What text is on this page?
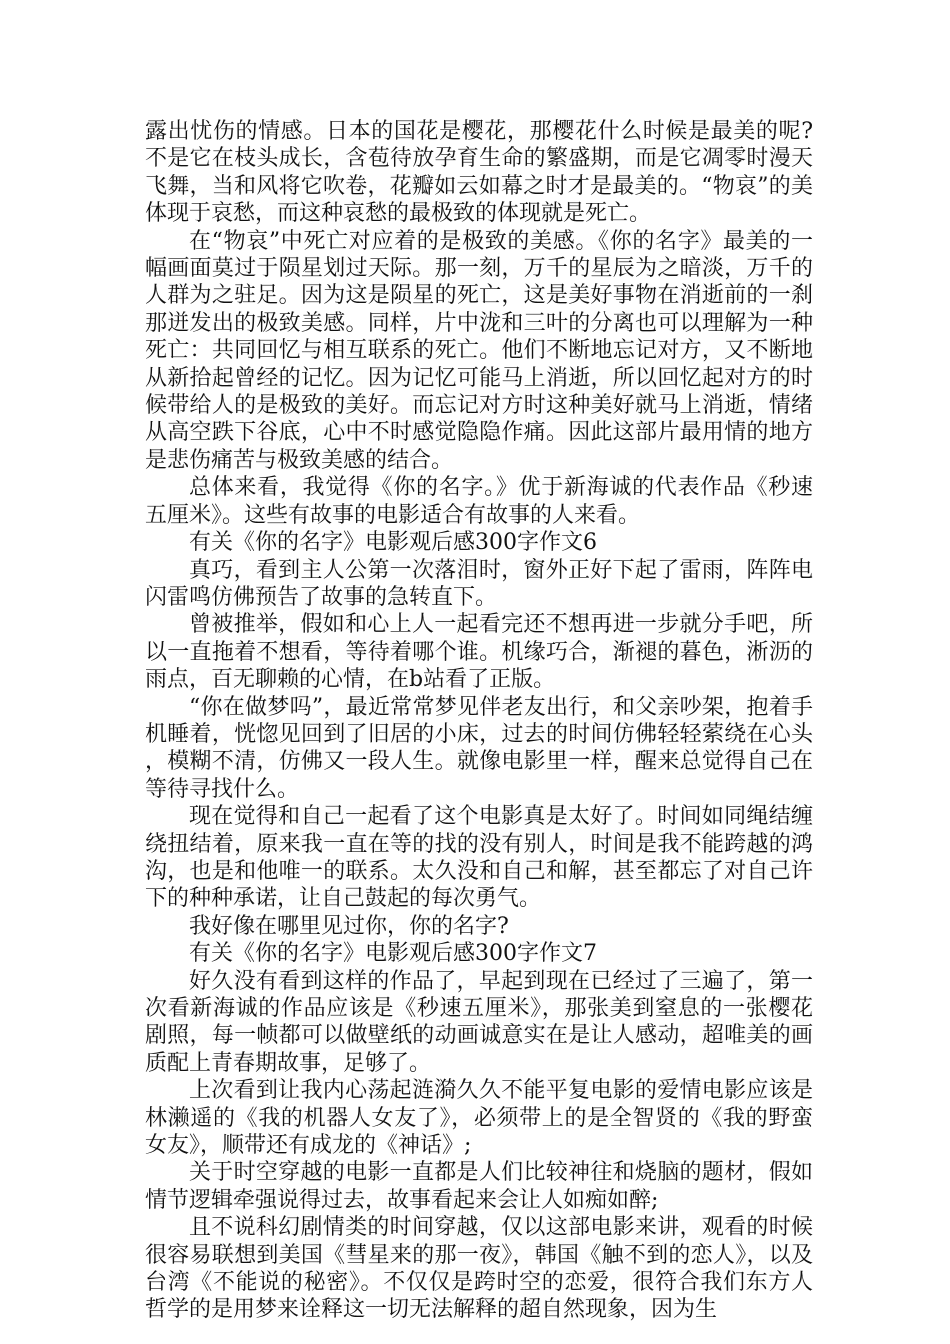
露出忧伤的情感。日本的国花是樱花，那樱花什么时候是最美的呢?不是它在枝头成长，含苞待放孕育生命的繁盛期，而是它凋零时漫天飞舞，当和风将它吹卷，花瓣如云如幕之时才是最美的。“物哀”的美体现于哀愁，而这种哀愁的最极致的体现就是死亡。

在“物哀”中死亡对应着的是极致的美感。《你的名字》最美的一幅画面莫过于陨星划过天际。那一刻，万千的星辰为之暗淡，万千的人群为之驻足。因为这是陨星的死亡，这是美好事物在消逝前的一刹那迸发出的极致美感。同样，片中泷和三叶的分离也可以理解为一种死亡：共同回忆与相互联系的死亡。他们不断地忘记对方，又不断地从新拾起曾经的记忆。因为记忆可能马上消逝，所以回忆起对方的时候带给人的是极致的美好。而忘记对方时这种美好就马上消逝，情绪从高空跌下谷底，心中不时感觉隐隐作痛。因此这部片最用情的地方是悲伤痛苦与极致美感的结合。

总体来看，我觉得《你的名字。》优于新海诚的代表作品《秒速五厘米》。这些有故事的电影适合有故事的人来看。

有关《你的名字》电影观后感300字作文6

真巧，看到主人公第一次落泪时，窗外正好下起了雷雨，阵阵电闪雷鸣仿佛预告了故事的急转直下。

曾被推举，假如和心上人一起看完还不想再进一步就分手吧，所以一直拖着不想看，等待着哪个谁。机缘巧合，渐褪的暮色，淅沥的雨点，百无聊赖的心情，在b站看了正版。

“你在做梦吗”，最近常常梦见伴老友出行，和父亲吵架，抱着手机睡着，恍惚见回到了旧居的小床，过去的时间仿佛轻轻萦绕在心头，模糊不清，仿佛又一段人生。就像电影里一样，醒来总觉得自己在等待寻找什么。

现在觉得和自己一起看了这个电影真是太好了。时间如同绳结缠绕扭结着，原来我一直在等的找的没有别人，时间是我不能跨越的鸿沟，也是和他唯一的联系。太久没和自己和解，甚至都忘了对自己许下的种种承诺，让自己鼓起的每次勇气。

我好像在哪里见过你，你的名字?

有关《你的名字》电影观后感300字作文7

好久没有看到这样的作品了，早起到现在已经过了三遍了，第一次看新海诚的作品应该是《秒速五厘米》，那张美到窒息的一张樱花剧照，每一帧都可以做壁纸的动画诚意实在是让人感动，超唯美的画质配上青春期故事，足够了。

上次看到让我内心荡起涟漪久久不能平复电影的爱情电影应该是林濑遥的《我的机器人女友了》，必须带上的是全智贤的《我的野蛮女友》，顺带还有成龙的《神话》;

关于时空穿越的电影一直都是人们比较神往和烧脑的题材，假如情节逻辑牵强说得过去，故事看起来会让人如痴如醉;

且不说科幻剧情类的时间穿越，仅以这部电影来讲，观看的时候很容易联想到美国《彗星来的那一夜》，韩国《触不到的恋人》，以及台湾《不能说的秘密》。不仅仅是跨时空的恋爱，很符合我们东方人哲学的是用梦来诠释这一切无法解释的超自然现象，因为生
